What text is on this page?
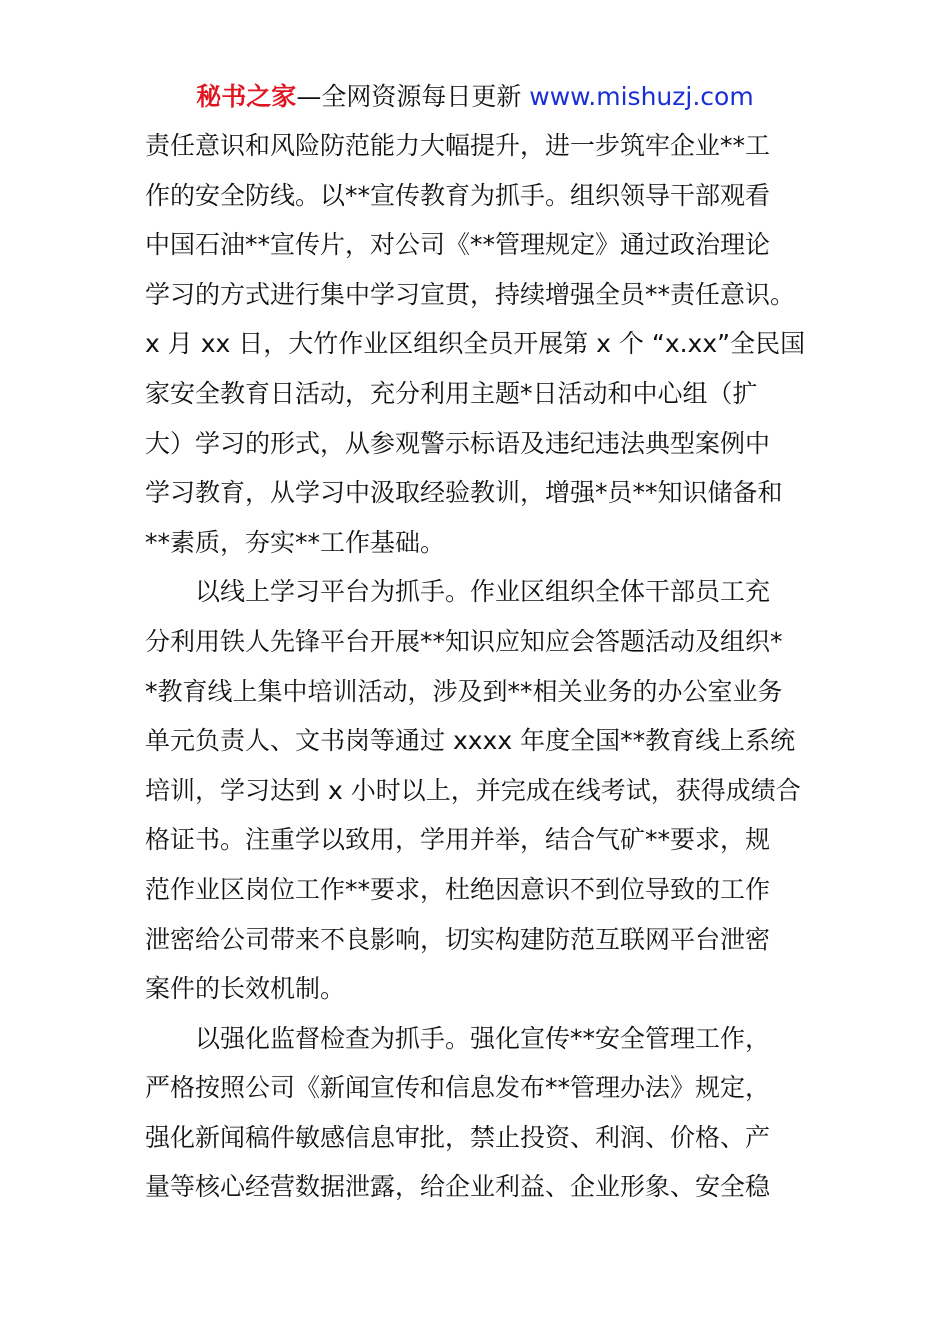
秘书之家—全网资源每日更新 www.mishuzj.com
责任意识和风险防范能力大幅提升，进一步筑牢企业**工
作的安全防线。以**宣传教育为抓手。组织领导干部观看
中国石油**宣传片，对公司《**管理规定》通过政治理论
学习的方式进行集中学习宣贯，持续增强全员**责任意识。
x 月 xx 日，大竹作业区组织全员开展第 x 个 “x.xx”全民国
家安全教育日活动，充分利用主题*日活动和中心组（扩
大）学习的形式，从参观警示标语及违纪违法典型案例中
学习教育，从学习中汲取经验教训，增强*员**知识储备和
**素质，夯实**工作基础。
以线上学习平台为抓手。作业区组织全体干部员工充
分利用铁人先锋平台开展**知识应知应会答题活动及组织*
*教育线上集中培训活动，涉及到**相关业务的办公室业务
单元负责人、文书岗等通过 xxxx 年度全国**教育线上系统
培训，学习达到 x 小时以上，并完成在线考试，获得成绩合
格证书。注重学以致用，学用并举，结合气矿**要求，规
范作业区岗位工作**要求，杜绝因意识不到位导致的工作
泄密给公司带来不良影响，切实构建防范互联网平台泄密
案件的长效机制。
以强化监督检查为抓手。强化宣传**安全管理工作，
严格按照公司《新闻宣传和信息发布**管理办法》规定，
强化新闻稿件敏感信息审批，禁止投资、利润、价格、产
量等核心经营数据泄露，给企业利益、企业形象、安全稳
